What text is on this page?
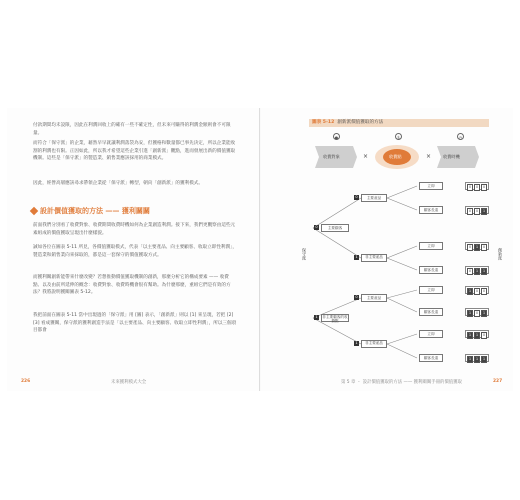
付款期間均未設限，因此在利潤回收上的確有一些不確定性，但未來可賺得的利潤金額則會不可限量。
而符合「保守派」的企業，藉然早早就讓利潤落袋為安，但獲格和數量都已事先決定，所以企業能收割的利潤也有限。正因如此，所以我才希望這些企業引進「創新派」觀點，進而發展出新的價值獲取機制。這些是「保守派」的製造業、銷售業應該採用的商業模式。
因此，經營高層應該尋求帶領企業從「保守派」轉型，朝向「創新派」的獲利模式。
設計價值獲取的方法 —— 獲利關關
前面我們分別看了收費對象、收費期間收費時機如何為企業創造利潤。接下來，我們更觀察由這些元素組成的價值獲取呈現出什麼樣貌。
誠如各位在圖表 5-11 所見，各價值獲取模式，代表「以主要產品、向主要顧客、收取立即性利潤」，製造業和銷售業向來採取的，都是這一套保守的價值獲取方式。
而獲利關創新能帶來什麼改變？若想推動價值獲取機制的創新，那麼分析它的構成要素 —— 收費點、以及由前所延伸的概念：收費對象、收費時機會很有幫助。為什麼那麼，重組它們是有效的方法？我將說明獲關圖表 5-12。
我把前面在圖表 5-11 當中出現過的「保守派」用 [圖] 表示，「創新派」則以 [1] 來呈現，若把 [2] [3] 看成獲關，保守派的獲利創造手法是「以主要產品、向主要顧客、收取立即性利潤」，所以三個項目都會
226	未來獲利模式大全
圖表 5-12 創新派價值獲取的方法
●	$	◷
收費對象	收費點	收費時機
×	×
保守派	創新派
主要顧客
主要產品
非主要產品
非主要顧客的收費點
主要產品
非主要產品
0
1
0
1
0
1
立即
顧客長遠
立即
顧客長遠
立即
顧客長遠
立即
顧客長遠
0	0	0
0	0	1
0	1	0
0	1	1
1	0	0
1	0	1
1	1	0
1	1	1
第 5 章 ・ 設計價值獲取的方法 —— 獲利關關手冊的價值獲取	227
